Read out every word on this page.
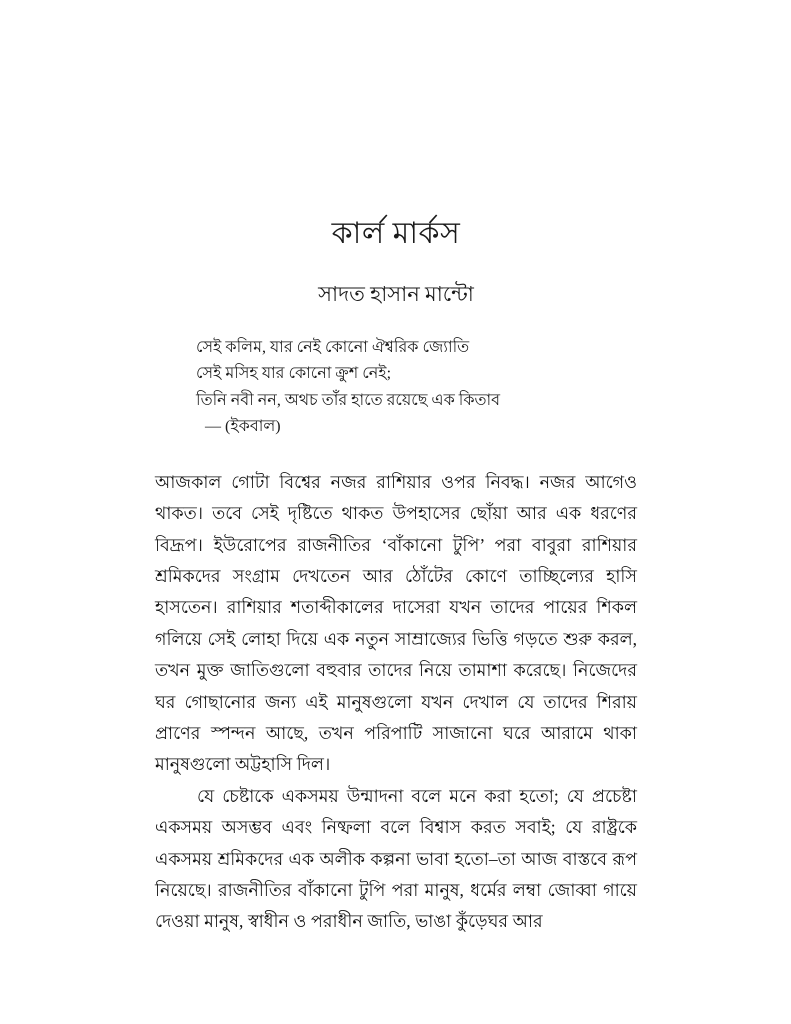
কার্ল মার্কস
সাদত হাসান মান্টো
সেই কলিম, যার নেই কোনো ঐশ্বরিক জ্যোতি
সেই মসিহ যার কোনো ক্রুশ নেই;
তিনি নবী নন, অথচ তাঁর হাতে রয়েছে এক কিতাব
— (ইকবাল)

আজকাল গোটা বিশ্বের নজর রাশিয়ার ওপর নিবদ্ধ। নজর আগেও থাকত। তবে সেই দৃষ্টিতে থাকত উপহাসের ছোঁয়া আর এক ধরণের বিদ্রূপ। ইউরোপের রাজনীতির ‘বাঁকানো টুপি’ পরা বাবুরা রাশিয়ার শ্রমিকদের সংগ্রাম দেখতেন আর ঠোঁটের কোণে তাচ্ছিল্যের হাসি হাসতেন। রাশিয়ার শতাব্দীকালের দাসেরা যখন তাদের পায়ের শিকল গলিয়ে সেই লোহা দিয়ে এক নতুন সাম্রাজ্যের ভিত্তি গড়তে শুরু করল, তখন মুক্ত জাতিগুলো বহুবার তাদের নিয়ে তামাশা করেছে। নিজেদের ঘর গোছানোর জন্য এই মানুষগুলো যখন দেখাল যে তাদের শিরায় প্রাণের স্পন্দন আছে, তখন পরিপাটি সাজানো ঘরে আরামে থাকা মানুষগুলো অট্টহাসি দিল।

যে চেষ্টাকে একসময় উন্মাদনা বলে মনে করা হতো; যে প্রচেষ্টা একসময় অসম্ভব এবং নিষ্ফলা বলে বিশ্বাস করত সবাই; যে রাষ্ট্রকে একসময় শ্রমিকদের এক অলীক কল্পনা ভাবা হতো–তা আজ বাস্তবে রূপ নিয়েছে। রাজনীতির বাঁকানো টুপি পরা মানুষ, ধর্মের লম্বা জোব্বা গায়ে দেওয়া মানুষ, স্বাধীন ও পরাধীন জাতি, ভাঙা কুঁড়েঘর আর
